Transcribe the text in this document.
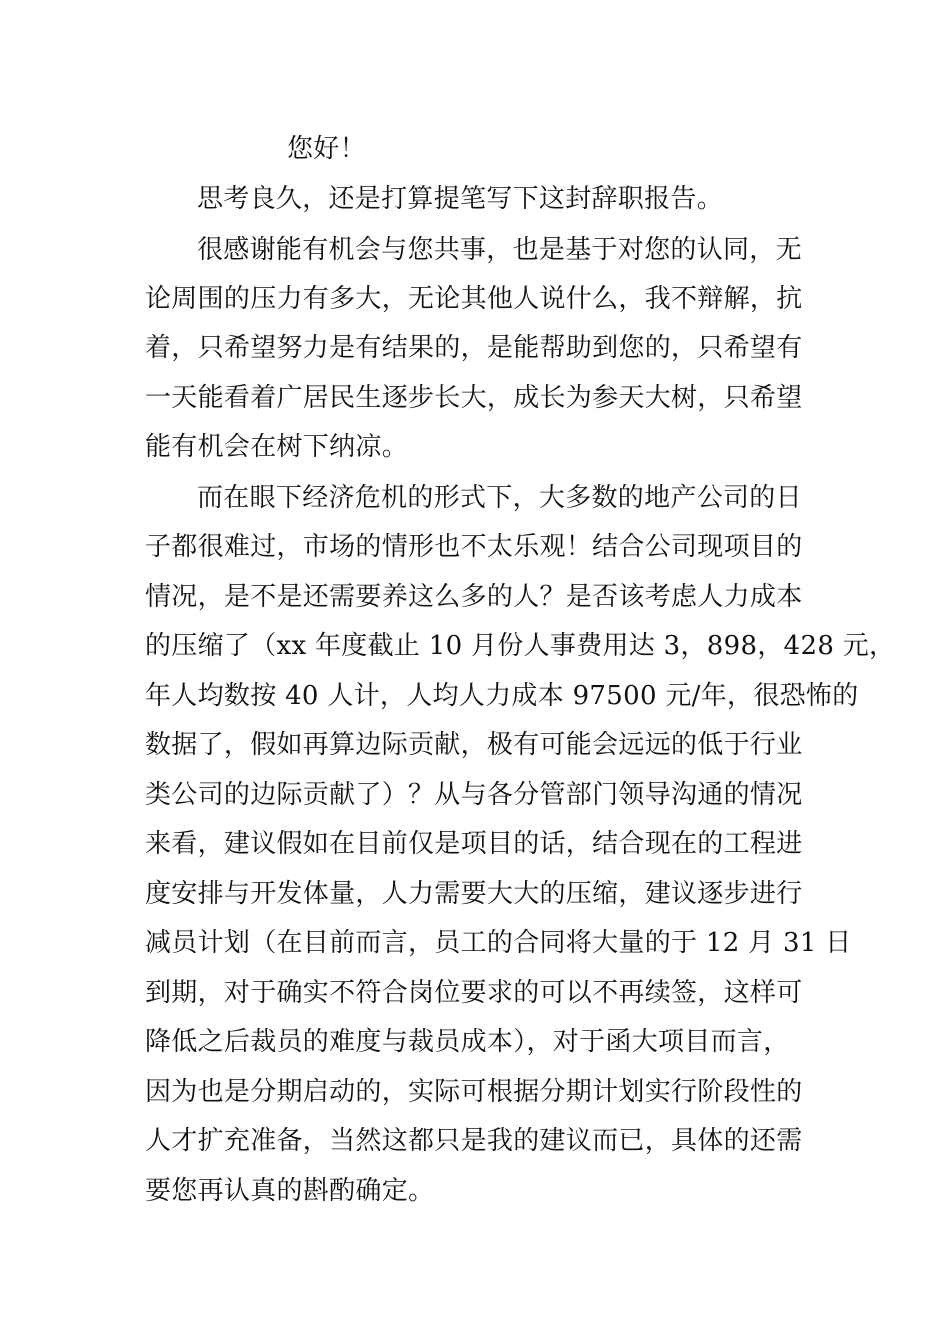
您好！
思考良久，还是打算提笔写下这封辞职报告。
很感谢能有机会与您共事，也是基于对您的认同，无
论周围的压力有多大，无论其他人说什么，我不辩解，抗
着，只希望努力是有结果的，是能帮助到您的，只希望有
一天能看着广居民生逐步长大，成长为参天大树，只希望
能有机会在树下纳凉。
而在眼下经济危机的形式下，大多数的地产公司的日
子都很难过，市场的情形也不太乐观！结合公司现项目的
情况，是不是还需要养这么多的人？是否该考虑人力成本
的压缩了（xx 年度截止 10 月份人事费用达 3，898，428 元，
年人均数按 40 人计，人均人力成本 97500 元/年，很恐怖的
数据了，假如再算边际贡献，极有可能会远远的低于行业
类公司的边际贡献了）？从与各分管部门领导沟通的情况
来看，建议假如在目前仅是项目的话，结合现在的工程进
度安排与开发体量，人力需要大大的压缩，建议逐步进行
减员计划（在目前而言，员工的合同将大量的于 12 月 31 日
到期，对于确实不符合岗位要求的可以不再续签，这样可
降低之后裁员的难度与裁员成本），对于函大项目而言，
因为也是分期启动的，实际可根据分期计划实行阶段性的
人才扩充准备，当然这都只是我的建议而已，具体的还需
要您再认真的斟酌确定。
